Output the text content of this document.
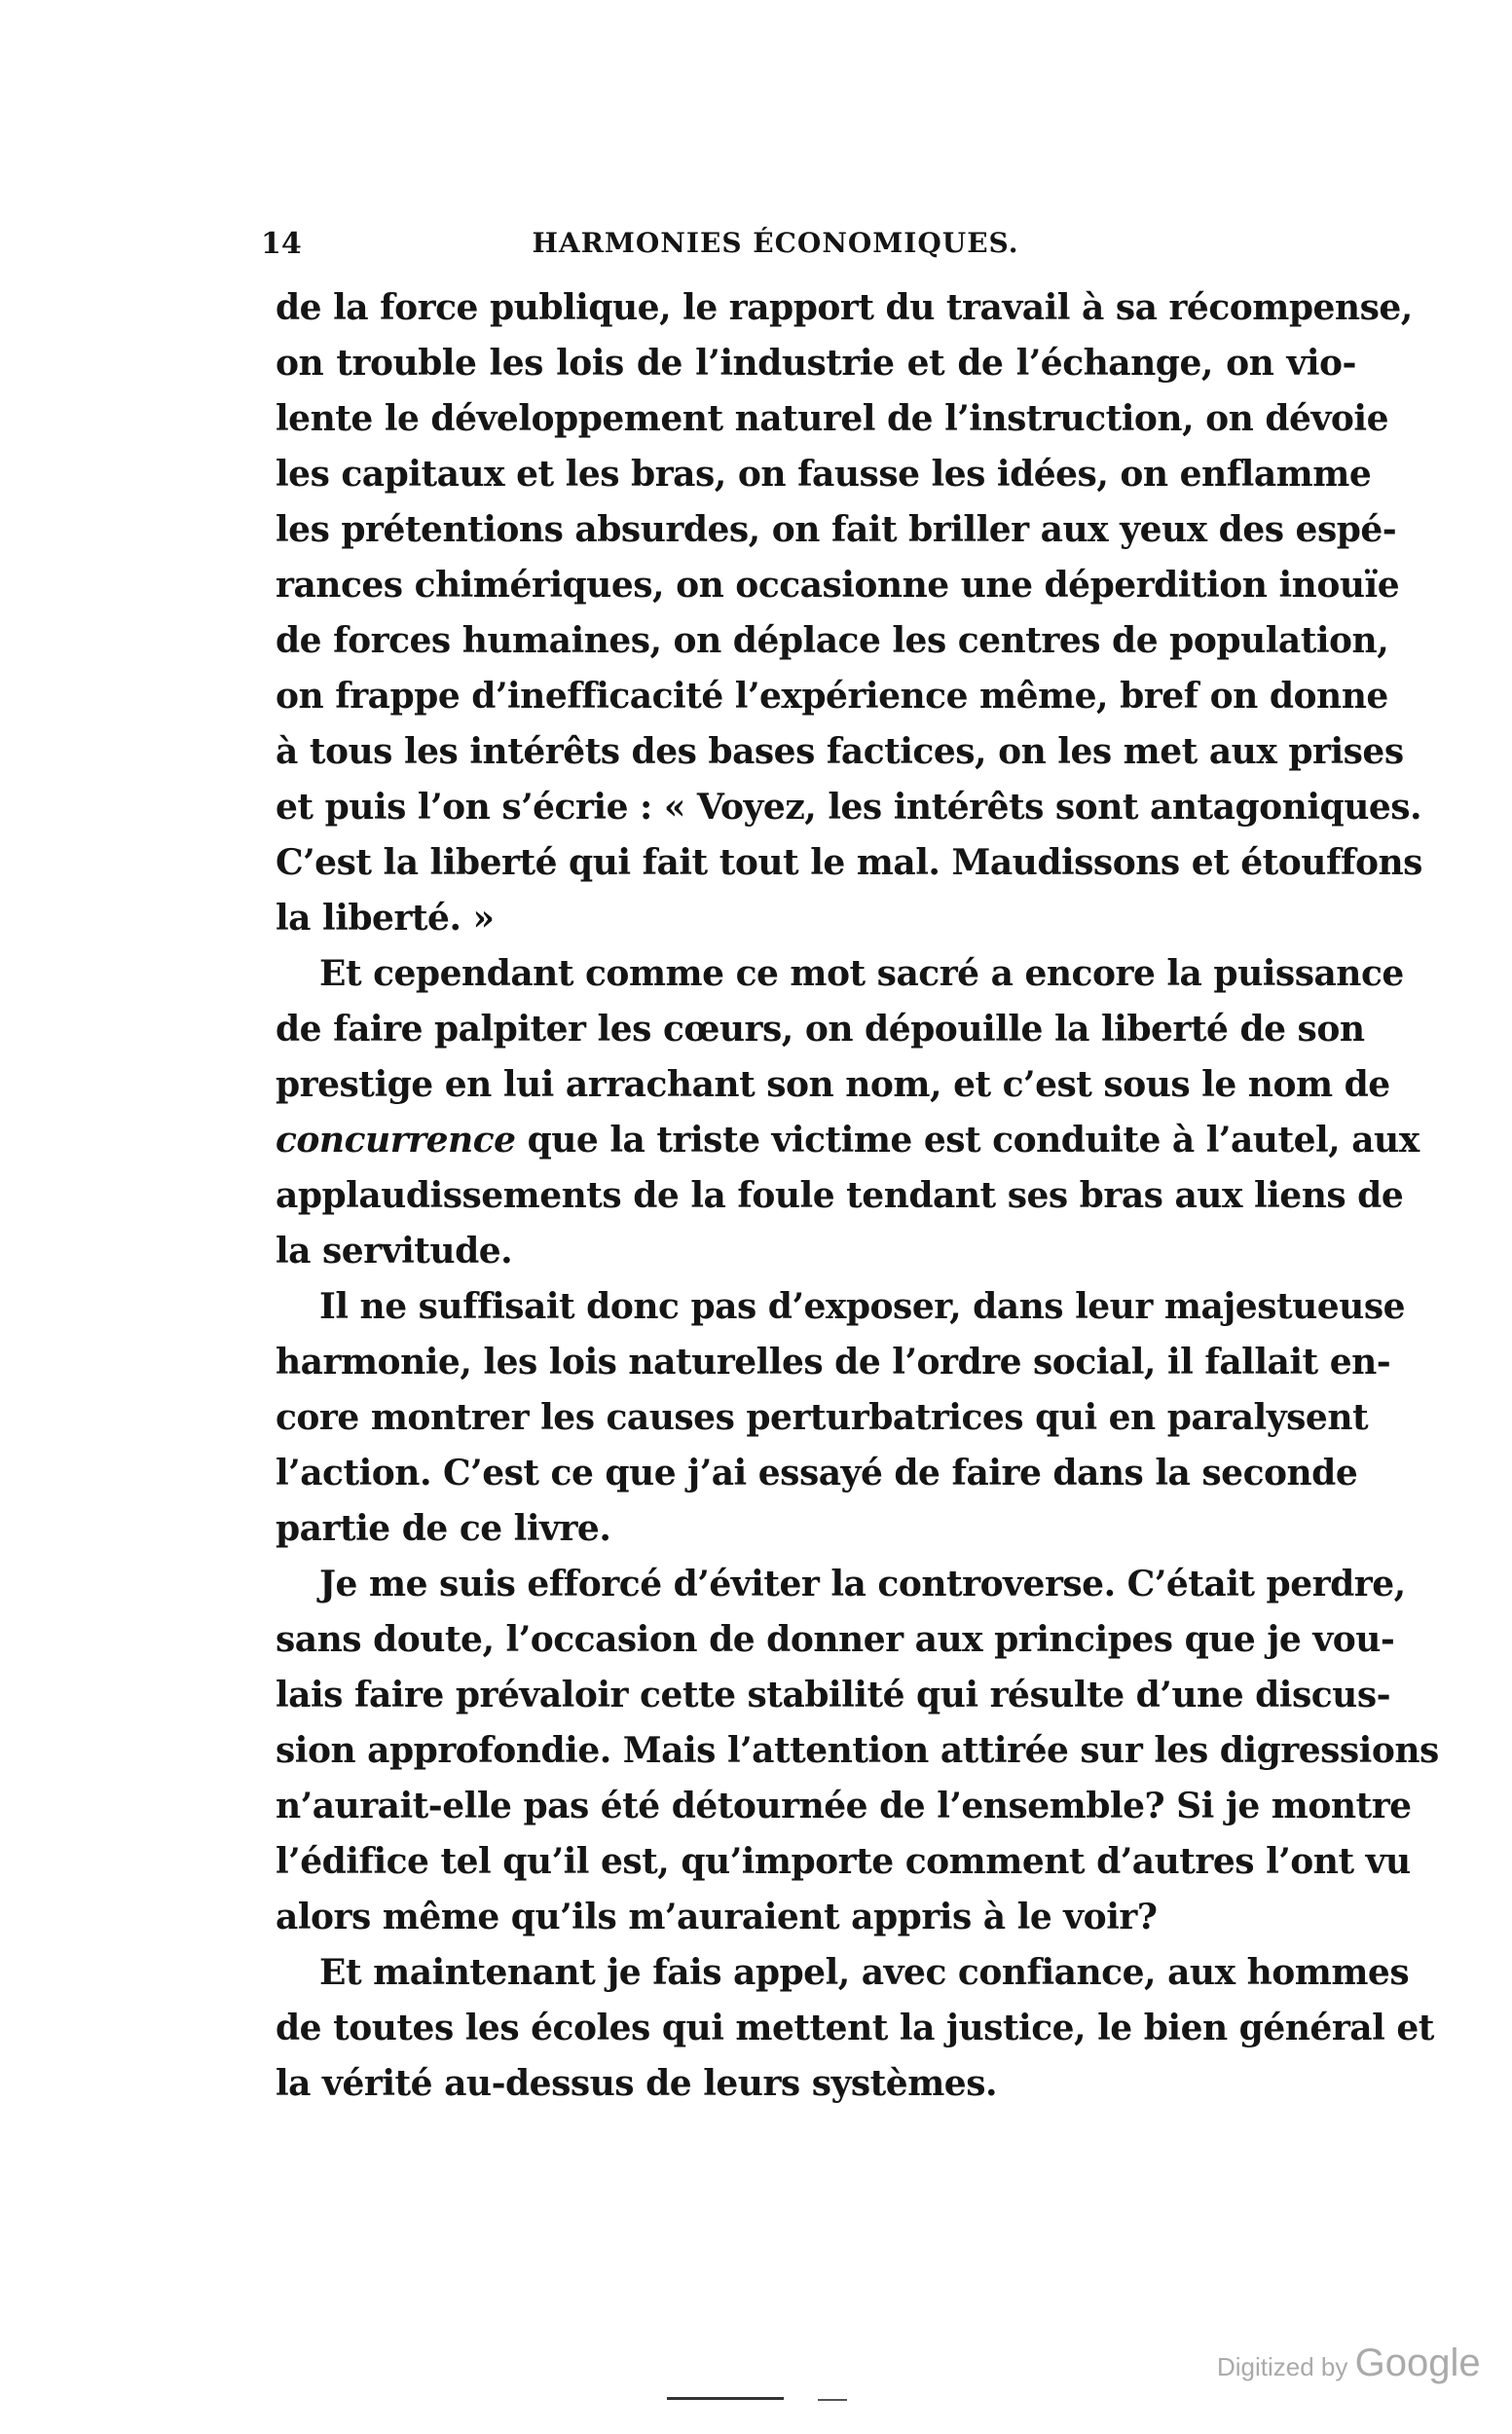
14	HARMONIES ÉCONOMIQUES.
de la force publique, le rapport du travail à sa récompense,
on trouble les lois de l’industrie et de l’échange, on vio-
lente le développement naturel de l’instruction, on dévoie
les capitaux et les bras, on fausse les idées, on enflamme
les prétentions absurdes, on fait briller aux yeux des espé-
rances chimériques, on occasionne une déperdition inouïe
de forces humaines, on déplace les centres de population,
on frappe d’inefficacité l’expérience même, bref on donne
à tous les intérêts des bases factices, on les met aux prises
et puis l’on s’écrie : « Voyez, les intérêts sont antagoniques.
C’est la liberté qui fait tout le mal. Maudissons et étouffons
la liberté. »
Et cependant comme ce mot sacré a encore la puissance
de faire palpiter les cœurs, on dépouille la liberté de son
prestige en lui arrachant son nom, et c’est sous le nom de
concurrence que la triste victime est conduite à l’autel, aux
applaudissements de la foule tendant ses bras aux liens de
la servitude.
Il ne suffisait donc pas d’exposer, dans leur majestueuse
harmonie, les lois naturelles de l’ordre social, il fallait en-
core montrer les causes perturbatrices qui en paralysent
l’action. C’est ce que j’ai essayé de faire dans la seconde
partie de ce livre.
Je me suis efforcé d’éviter la controverse. C’était perdre,
sans doute, l’occasion de donner aux principes que je vou-
lais faire prévaloir cette stabilité qui résulte d’une discus-
sion approfondie. Mais l’attention attirée sur les digressions
n’aurait-elle pas été détournée de l’ensemble? Si je montre
l’édifice tel qu’il est, qu’importe comment d’autres l’ont vu
alors même qu’ils m’auraient appris à le voir?
Et maintenant je fais appel, avec confiance, aux hommes
de toutes les écoles qui mettent la justice, le bien général et
la vérité au-dessus de leurs systèmes.
Digitized by Google
